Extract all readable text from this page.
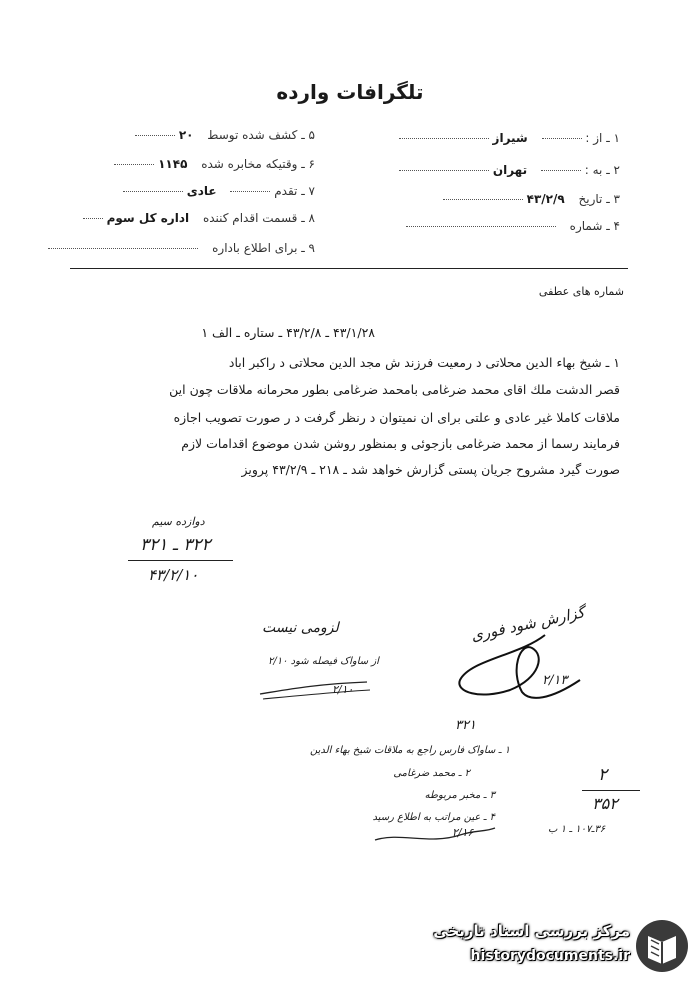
تلگرافات وارده
۱ ـ از :  شیراز
۲ ـ به :  تهران
۳ ـ تاریخ ۴۳/۲/۹
۴ ـ شماره
۵ ـ کشف شده توسط ۲۰
۶ ـ وقتیکه مخابره شده ۱۱۴۵
۷ ـ تقدم  عادی
۸ ـ قسمت اقدام کننده اداره کل سوم
۹ ـ برای اطلاع باداره
شماره های عطفی
۴۳/۱/۲۸ ـ ۴۳/۲/۸ ـ ستاره ـ الف ۱
۱ ـ شیخ بهاء الدین محلاتی د رمعیت فرزند ش مجد الدین محلاتی د راکبر اباد
قصر الدشت ملك اقای محمد ضرغامی بامحمد ضرغامی بطور محرمانه ملاقات چون این
ملاقات کاملا غیر عادی و علتی برای ان نمیتوان د رنظر گرفت د ر صورت تصویب اجازه
فرمایند رسما از محمد ضرغامی بازجوئی و بمنظور روشن شدن موضوع اقدامات لازم
صورت گیرد مشروح جریان پستی گزارش خواهد شد ـ ۲۱۸ ـ ۴۳/۲/۹ پرویز
دوازده سیم
۳۲۲ ـ ۳۲۱
۴۳/۲/۱۰
لزومی نیست
از ساواک فیصله شود ۲/۱۰
۲/۱۰
گزارش شود فوری
۲/۱۳
۳۲۱
۱ ـ ساواک فارس راجع به ملاقات شیخ بهاء الدین
۲ ـ محمد ضرغامی
۳ ـ مخبر مربوطه
۴ ـ عین مراتب به اطلاع رسید
۲/۱۶
۲
۳۵۲
۳۶ـ۱۰۷ ـ ۱ ب
مرکز بررسی اسناد تاریخی
historydocuments.ir
